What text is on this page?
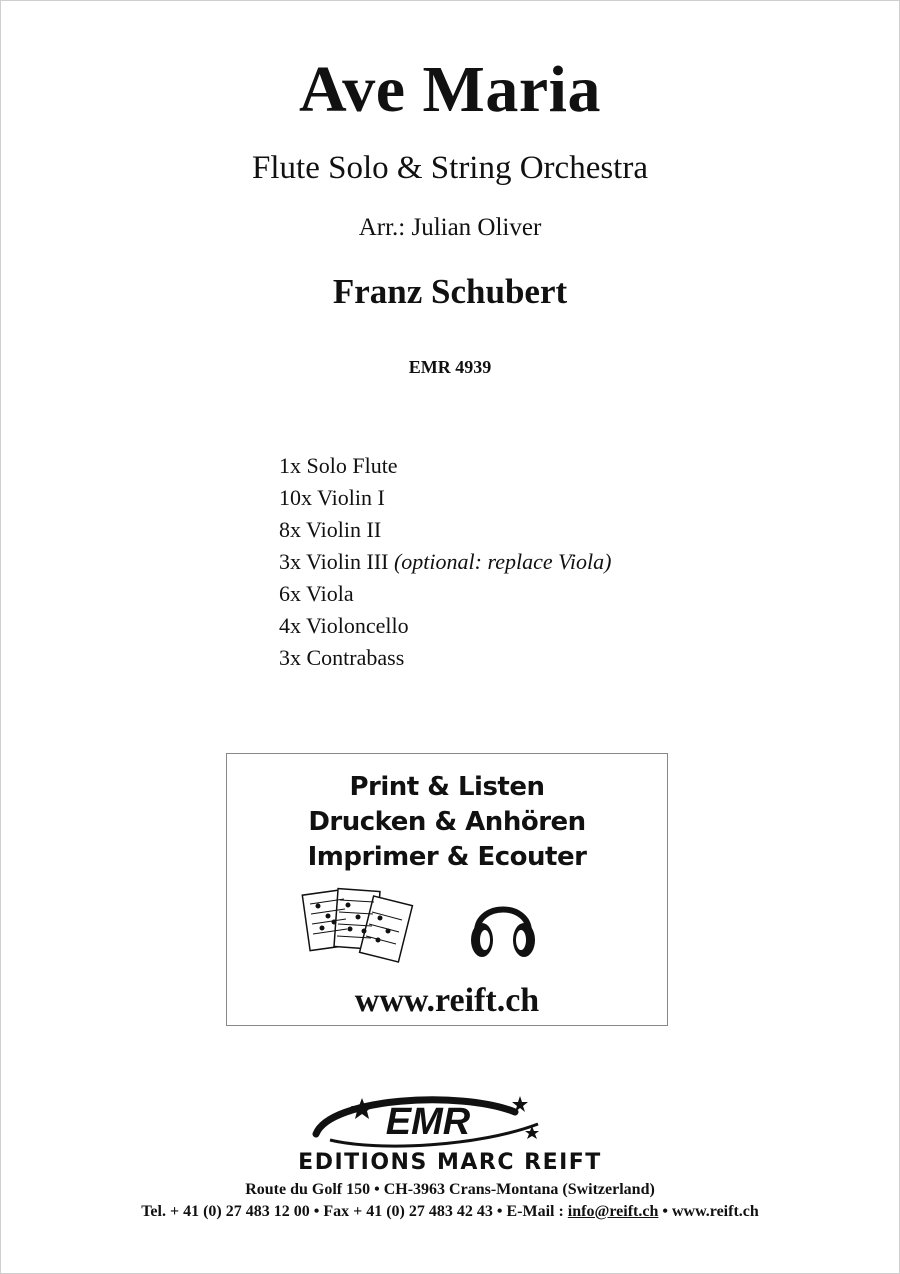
Ave Maria
Flute Solo & String Orchestra
Arr.: Julian Oliver
Franz Schubert
EMR 4939
1x Solo Flute
10x Violin I
8x Violin II
3x Violin III (optional: replace Viola)
6x Viola
4x Violoncello
3x Contrabass
Print & Listen
Drucken & Anhören
Imprimer & Ecouter
www.reift.ch
EMR
EDITIONS MARC REIFT
Route du Golf 150 • CH-3963 Crans-Montana (Switzerland)
Tel. + 41 (0) 27 483 12 00 • Fax + 41 (0) 27 483 42 43 • E-Mail : info@reift.ch • www.reift.ch
